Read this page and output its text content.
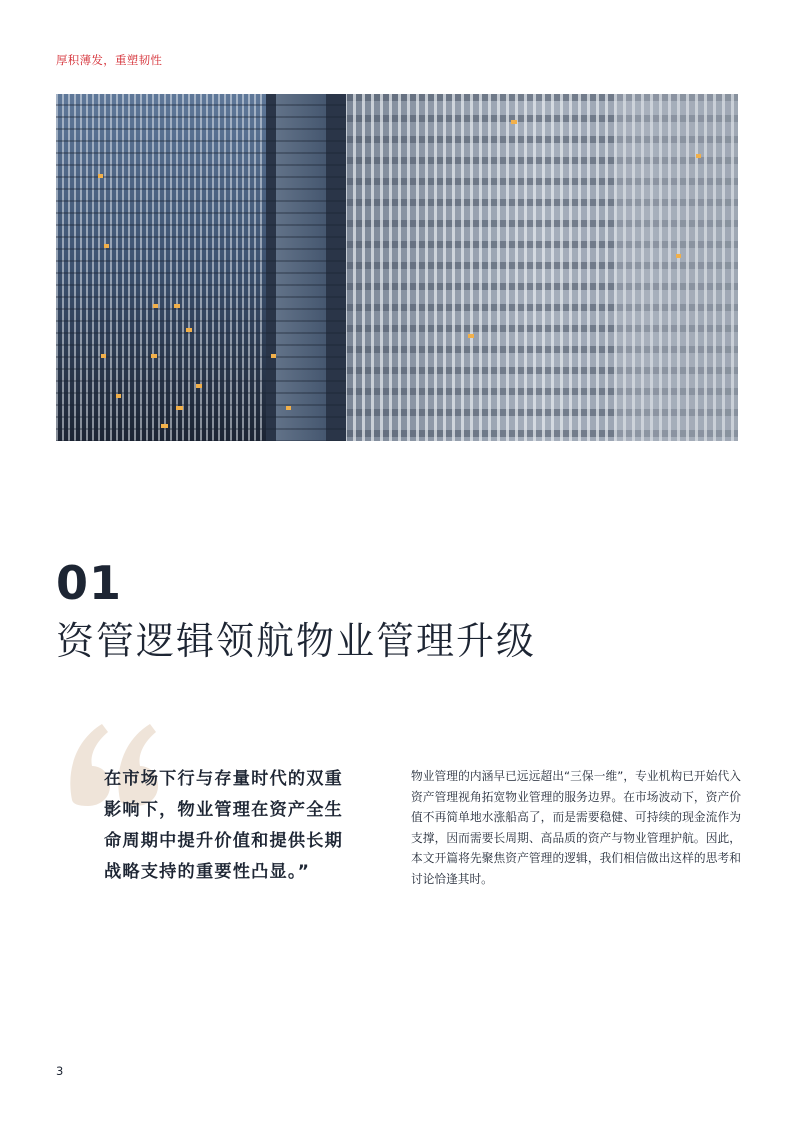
厚积薄发，重塑韧性
01
资管逻辑领航物业管理升级

在市场下行与存量时代的双重影响下，物业管理在资产全生命周期中提升价值和提供长期战略支持的重要性凸显。”

物业管理的内涵早已远远超出“三保一维”，专业机构已开始代入资产管理视角拓宽物业管理的服务边界。在市场波动下，资产价值不再简单地水涨船高了，而是需要稳健、可持续的现金流作为支撑，因而需要长周期、高品质的资产与物业管理护航。因此，本文开篇将先聚焦资产管理的逻辑，我们相信做出这样的思考和讨论恰逢其时。

3
